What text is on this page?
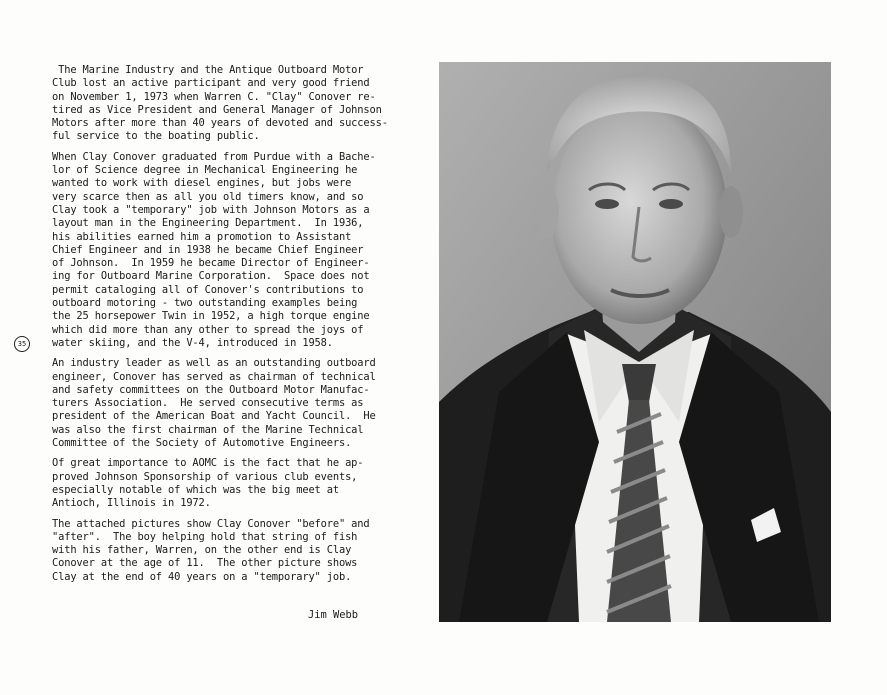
The Marine Industry and the Antique Outboard Motor
Club lost an active participant and very good friend
on November 1, 1973 when Warren C. "Clay" Conover re-
tired as Vice President and General Manager of Johnson
Motors after more than 40 years of devoted and success-
ful service to the boating public.

When Clay Conover graduated from Purdue with a Bache-
lor of Science degree in Mechanical Engineering he
wanted to work with diesel engines, but jobs were
very scarce then as all you old timers know, and so
Clay took a "temporary" job with Johnson Motors as a
layout man in the Engineering Department.  In 1936,
his abilities earned him a promotion to Assistant
Chief Engineer and in 1938 he became Chief Engineer
of Johnson.  In 1959 he became Director of Engineer-
ing for Outboard Marine Corporation.  Space does not
permit cataloging all of Conover's contributions to
outboard motoring - two outstanding examples being
the 25 horsepower Twin in 1952, a high torque engine
which did more than any other to spread the joys of
water skiing, and the V-4, introduced in 1958.

An industry leader as well as an outstanding outboard
engineer, Conover has served as chairman of technical
and safety committees on the Outboard Motor Manufac-
turers Association.  He served consecutive terms as
president of the American Boat and Yacht Council.  He
was also the first chairman of the Marine Technical
Committee of the Society of Automotive Engineers.

Of great importance to AOMC is the fact that he ap-
proved Johnson Sponsorship of various club events,
especially notable of which was the big meet at
Antioch, Illinois in 1972.

The attached pictures show Clay Conover "before" and
"after".  The boy helping hold that string of fish
with his father, Warren, on the other end is Clay
Conover at the age of 11.  The other picture shows
Clay at the end of 40 years on a "temporary" job.

Jim Webb
35
